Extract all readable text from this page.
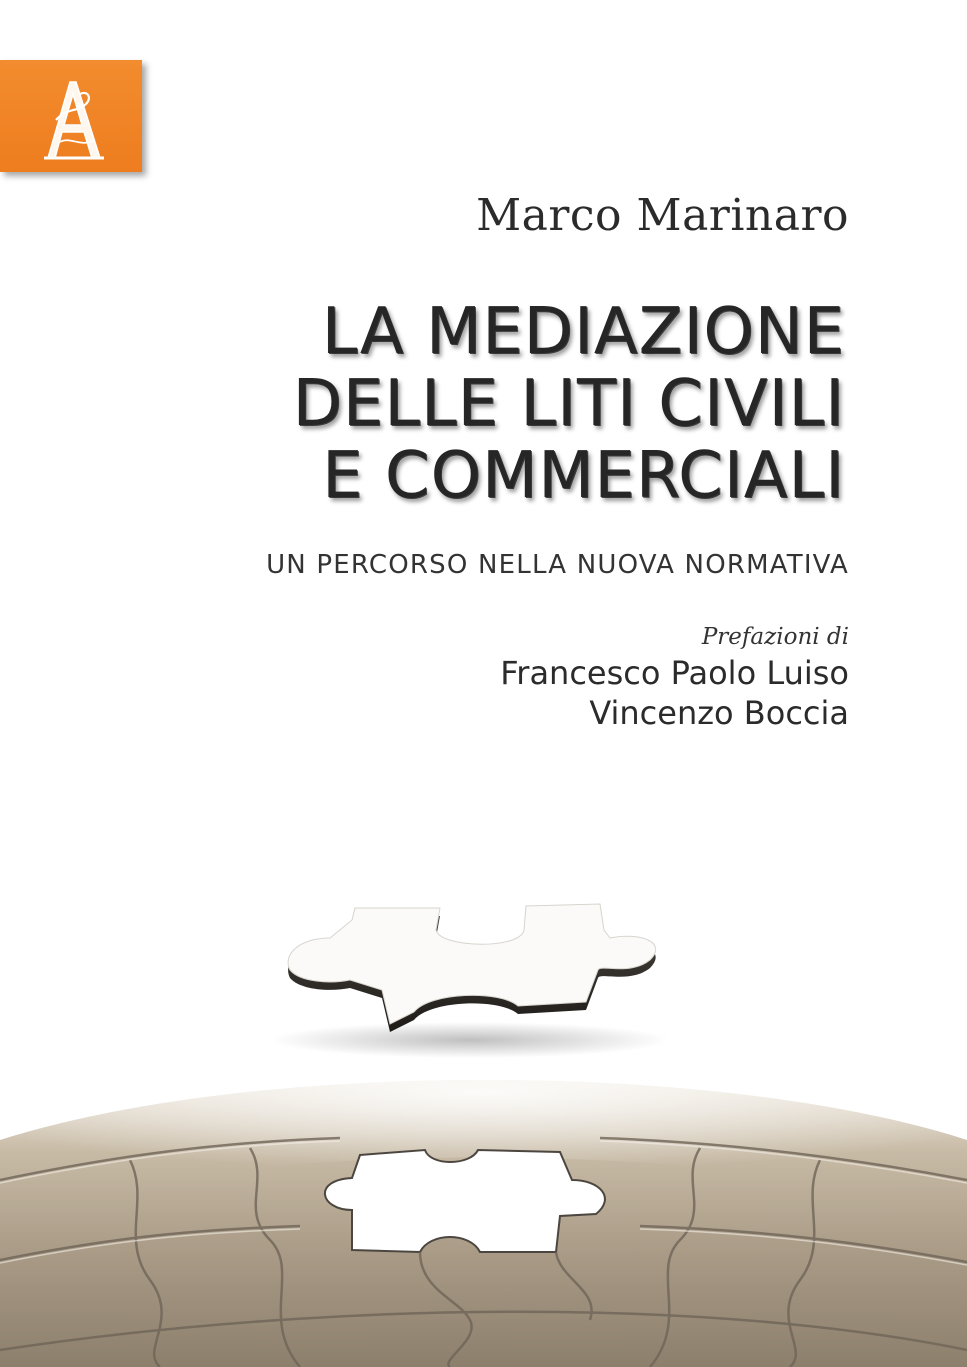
Marco Marinaro
LA MEDIAZIONE
DELLE LITI CIVILI
E COMMERCIALI
UN PERCORSO NELLA NUOVA NORMATIVA
Prefazioni di
Francesco Paolo Luiso
Vincenzo Boccia
